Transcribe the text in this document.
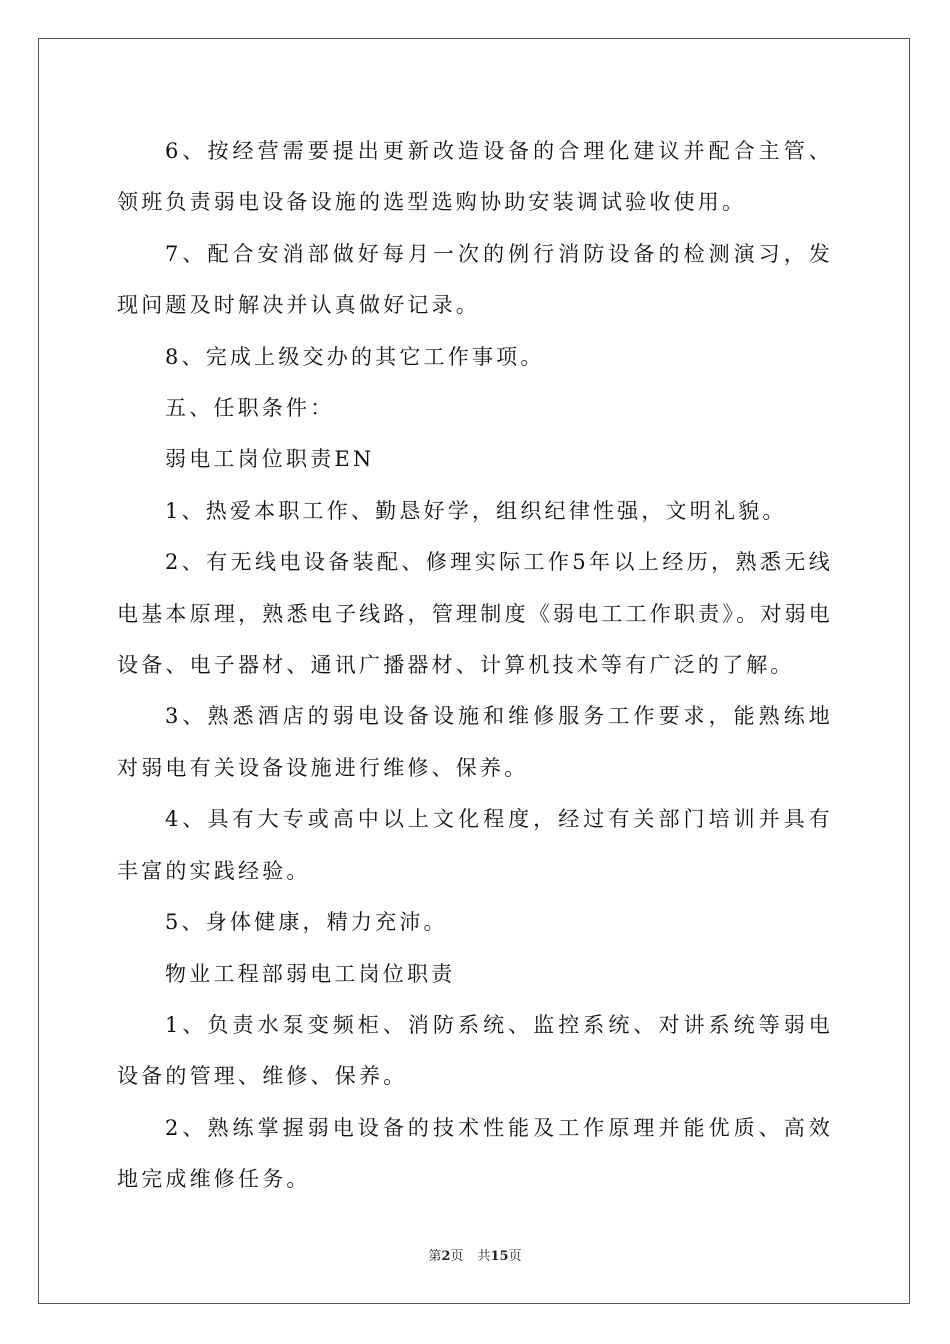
6、按经营需要提出更新改造设备的合理化建议并配合主管、领班负责弱电设备设施的选型选购协助安装调试验收使用。

7、配合安消部做好每月一次的例行消防设备的检测演习，发现问题及时解决并认真做好记录。

8、完成上级交办的其它工作事项。

五、任职条件：

弱电工岗位职责EN

1、热爱本职工作、勤恳好学，组织纪律性强，文明礼貌。

2、有无线电设备装配、修理实际工作5年以上经历，熟悉无线电基本原理，熟悉电子线路，管理制度《弱电工工作职责》。对弱电设备、电子器材、通讯广播器材、计算机技术等有广泛的了解。

3、熟悉酒店的弱电设备设施和维修服务工作要求，能熟练地对弱电有关设备设施进行维修、保养。

4、具有大专或高中以上文化程度，经过有关部门培训并具有丰富的实践经验。

5、身体健康，精力充沛。

物业工程部弱电工岗位职责

1、负责水泵变频柜、消防系统、监控系统、对讲系统等弱电设备的管理、维修、保养。

2、熟练掌握弱电设备的技术性能及工作原理并能优质、高效地完成维修任务。

第2页 共15页
